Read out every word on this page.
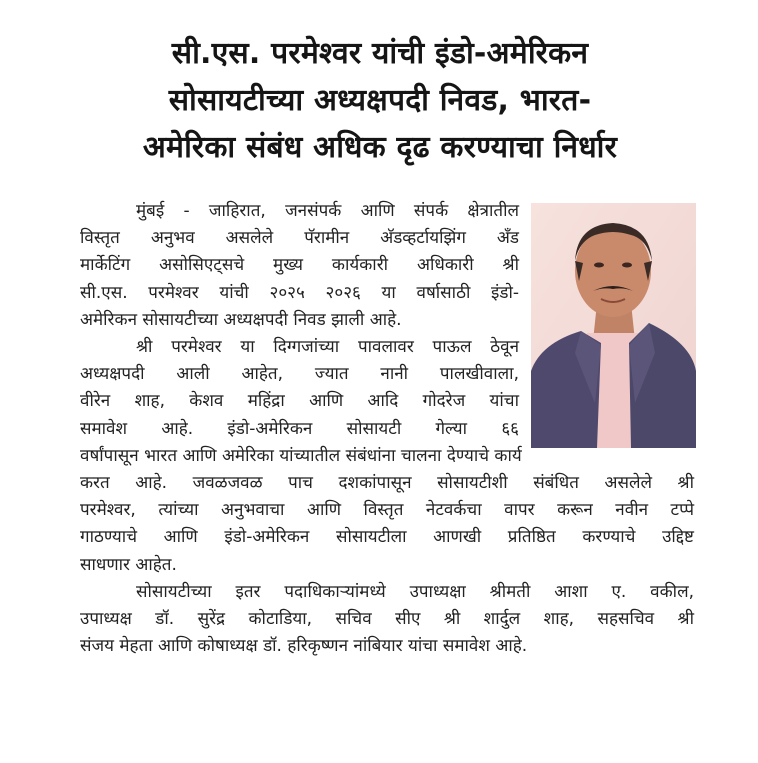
सी.एस. परमेश्वर यांची इंडो-अमेरिकन
सोसायटीच्या अध्यक्षपदी निवड, भारत-
अमेरिका संबंध अधिक दृढ करण्याचा निर्धार

मुंबई - जाहिरात, जनसंपर्क आणि संपर्क क्षेत्रातील

विस्तृत अनुभव असलेले पॅरामीन अ‍ॅडव्हर्टायझिंग अँड
मार्केटिंग असोसिएट्सचे मुख्य कार्यकारी अधिकारी श्री
सी.एस. परमेश्वर यांची २०२५ २०२६ या वर्षासाठी इंडो-
अमेरिकन सोसायटीच्या अध्यक्षपदी निवड झाली आहे.

श्री परमेश्वर या दिग्गजांच्या पावलावर पाऊल ठेवून

अध्यक्षपदी आली आहेत, ज्यात नानी पालखीवाला,
वीरेन शाह, केशव महिंद्रा आणि आदि गोदरेज यांचा
समावेश आहे. इंडो-अमेरिकन सोसायटी गेल्या ६६
वर्षांपासून भारत आणि अमेरिका यांच्यातील संबंधांना चालना देण्याचे कार्य
करत आहे. जवळजवळ पाच दशकांपासून सोसायटीशी संबंधित असलेले श्री
परमेश्वर, त्यांच्या अनुभवाचा आणि विस्तृत नेटवर्कचा वापर करून नवीन टप्पे
गाठण्याचे आणि इंडो-अमेरिकन सोसायटीला आणखी प्रतिष्ठित करण्याचे उद्दिष्ट
साधणार आहेत.

सोसायटीच्या इतर पदाधिकाऱ्यांमध्ये उपाध्यक्षा श्रीमती आशा ए. वकील,

उपाध्यक्ष डॉ. सुरेंद्र कोटाडिया, सचिव सीए श्री शार्दुल शाह, सहसचिव श्री
संजय मेहता आणि कोषाध्यक्ष डॉ. हरिकृष्णन नांबियार यांचा समावेश आहे.
